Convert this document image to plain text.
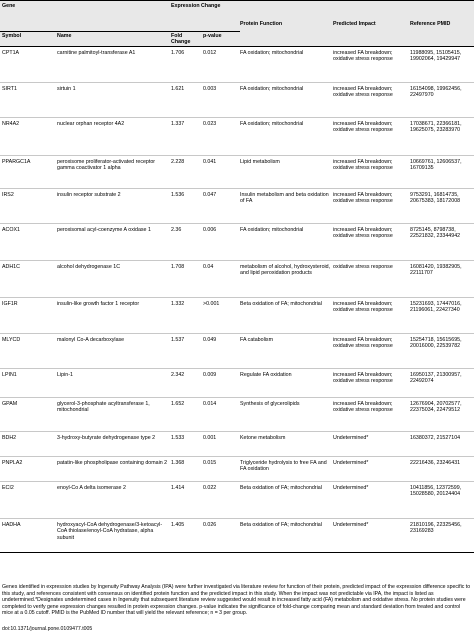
Gene		Expression Change		Protein Function	Predicted Impact	Reference PMID
Symbol	Name	Fold Change	p-value			
CPT1A	carnitine palmitoyl-transferase A1	1.706	0.012	FA oxidation; mitochondrial	increased FA breakdown; oxidative stress response	11988095, 15105415, 19902064, 19429947
SIRT1	sirtuin 1	1.621	0.003	FA oxidation; mitochondrial	increased FA breakdown; oxidative stress response	16154098, 19962456, 22497970
NR4A2	nuclear orphan receptor 4A2	1.337	0.023	FA oxidation; mitochondrial	increased FA breakdown; oxidative stress response	17038671, 22366181, 19625075, 23283970
PPARGC1A	peroxisome proliferator-activated receptor gamma coactivator 1 alpha	2.228	0.041	Lipid metabolism	increased FA breakdown; oxidative stress response	10669761, 12606537, 16709135
IRS2	insulin receptor substrate 2	1.536	0.047	Insulin metabolism and beta oxidation of FA	increased FA breakdown; oxidative stress response	9753291, 16814735, 20675383, 18172008
ACOX1	peroxisomal acyl-coenzyme A oxidase 1	2.36	0.006	FA oxidation; mitochondrial	increased FA breakdown; oxidative stress response	8725145, 8798738, 22521832, 23344942
ADH1C	alcohol dehydrogenase 1C	1.708	0.04	metabolism of alcohol, hydroxysteroid, and lipid peroxidation products	oxidative stress response	16081420, 19382905, 22111707
IGF1R	insulin-like growth factor 1 receptor	1.332	>0.001	Beta oxidation of FA; mitochondrial	increased FA breakdown; oxidative stress response	15231693, 17447016, 21196061, 22427340
MLYCD	malonyl Co-A decarboxylase	1.537	0.049	FA catabolism	increased FA breakdown; oxidative stress response	15254718, 15615695, 20016000, 22539782
LPIN1	Lipin-1	2.342	0.009	Regulate FA oxidation	increased FA breakdown; oxidative stress response	16950137, 21300957, 22492074
GPAM	glycerol-3-phosphate acyltransferase 1, mitochondrial	1.652	0.014	Synthesis of glycerolipids	increased FA breakdown; oxidative stress response	12676904, 20702577, 22375034, 22479512
BDH2	3-hydroxy-butyrate dehydrogenase type 2	1.533	0.001	Ketone metabolism	Undetermined*	16380372, 21527104
PNPLA2	patatin-like phospholipase containing domain 2	1.368	0.015	Triglyceride hydrolysis to free FA and FA oxidation	Undetermined*	22216436, 23246431
ECI2	enoyl-Co A delta isomerase 2	1.414	0.022	Beta oxidation of FA; mitochondrial	Undetermined*	10411856, 12372599, 15028580, 20124404
HADHA	hydroxyacyl-CoA dehydrogenase/3-ketoacyl-CoA thiolase/enoyl-CoA hydratase, alpha subunit	1.405	0.026	Beta oxidation of FA; mitochondrial	Undetermined*	21810196, 22325456, 23169283
Genes identified in expression studies by Ingenuity Pathway Analysis (IPA) were further investigated via literature review for function of their protein, predicted impact of the expression difference specific to this study, and references consistent with consensus on identified protein function and the predicted impact in this study. When the impact was not predictable via IPA, the impact is listed as undetermined.*Designates undetermined cases in Ingenuity that subsequent literature review suggested would result in increased fatty acid (FA) metabolism and oxidative stress. No protein studies were completed to verify gene expression changes resulted in protein expression changes. p-value indicates the significance of fold-change comparing mean and standard deviation from treated and control mice at a 0.05 cutoff. PMID is the PubMed ID number that will yield the relevant reference; n = 3 per group.
doi:10.1371/journal.pone.0109477.t005
